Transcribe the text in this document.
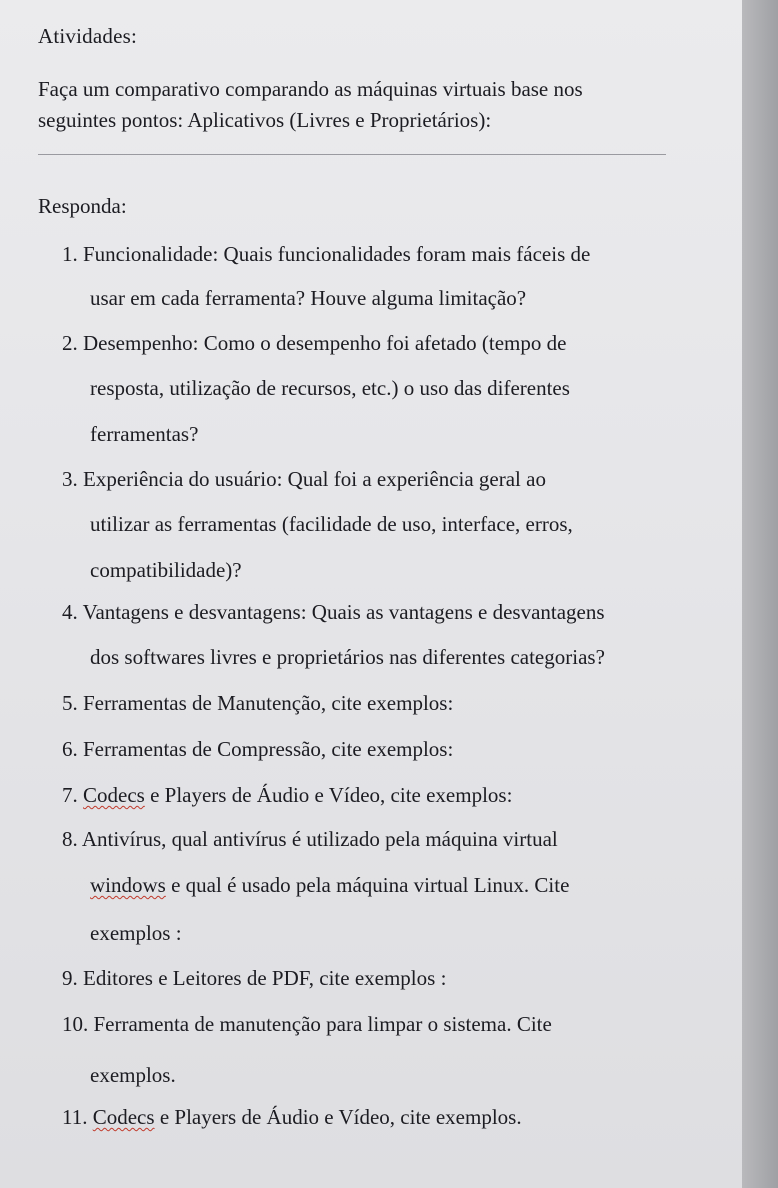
Atividades:
Faça um comparativo comparando as máquinas virtuais base nos
seguintes pontos: Aplicativos (Livres e Proprietários):
Responda:
1. Funcionalidade: Quais funcionalidades foram mais fáceis de
usar em cada ferramenta? Houve alguma limitação?
2. Desempenho: Como o desempenho foi afetado (tempo de
resposta, utilização de recursos, etc.) o uso das diferentes
ferramentas?
3. Experiência do usuário: Qual foi a experiência geral ao
utilizar as ferramentas (facilidade de uso, interface, erros,
compatibilidade)?
4. Vantagens e desvantagens: Quais as vantagens e desvantagens
dos softwares livres e proprietários nas diferentes categorias?
5. Ferramentas de Manutenção, cite exemplos:
6. Ferramentas de Compressão, cite exemplos:
7. Codecs e Players de Áudio e Vídeo, cite exemplos:
8. Antivírus, qual antivírus é utilizado pela máquina virtual
windows e qual é usado pela máquina virtual Linux. Cite
exemplos :
9. Editores e Leitores de PDF, cite exemplos :
10. Ferramenta de manutenção para limpar o sistema. Cite
exemplos.
11. Codecs e Players de Áudio e Vídeo, cite exemplos.
